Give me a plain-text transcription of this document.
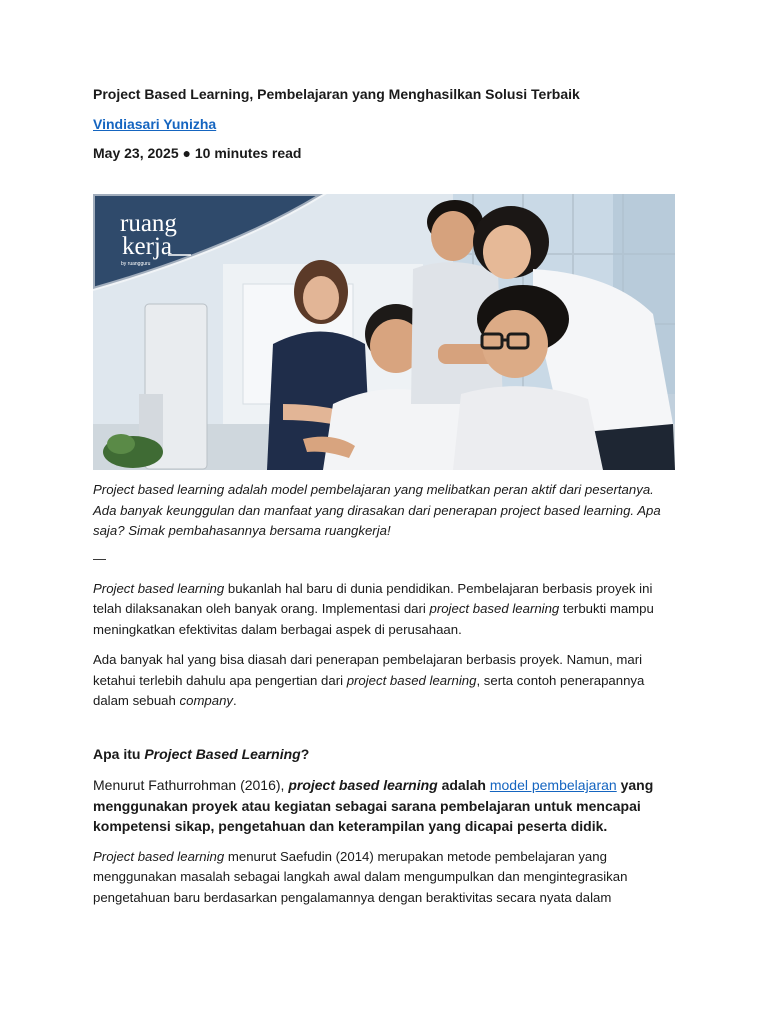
Project Based Learning, Pembelajaran yang Menghasilkan Solusi Terbaik
Vindiasari Yunizha
May 23, 2025 ● 10 minutes read
ruang
kerja
by ruangguru

Project based learning adalah model pembelajaran yang melibatkan peran aktif dari pesertanya. Ada banyak keunggulan dan manfaat yang dirasakan dari penerapan project based learning. Apa saja? Simak pembahasannya bersama ruangkerja!

—

Project based learning bukanlah hal baru di dunia pendidikan. Pembelajaran berbasis proyek ini telah dilaksanakan oleh banyak orang. Implementasi dari project based learning terbukti mampu meningkatkan efektivitas dalam berbagai aspek di perusahaan.

Ada banyak hal yang bisa diasah dari penerapan pembelajaran berbasis proyek. Namun, mari ketahui terlebih dahulu apa pengertian dari project based learning, serta contoh penerapannya dalam sebuah company.

Apa itu Project Based Learning?

Menurut Fathurrohman (2016), project based learning adalah model pembelajaran yang menggunakan proyek atau kegiatan sebagai sarana pembelajaran untuk mencapai kompetensi sikap, pengetahuan dan keterampilan yang dicapai peserta didik.

Project based learning menurut Saefudin (2014) merupakan metode pembelajaran yang menggunakan masalah sebagai langkah awal dalam mengumpulkan dan mengintegrasikan pengetahuan baru berdasarkan pengalamannya dengan beraktivitas secara nyata dalam
